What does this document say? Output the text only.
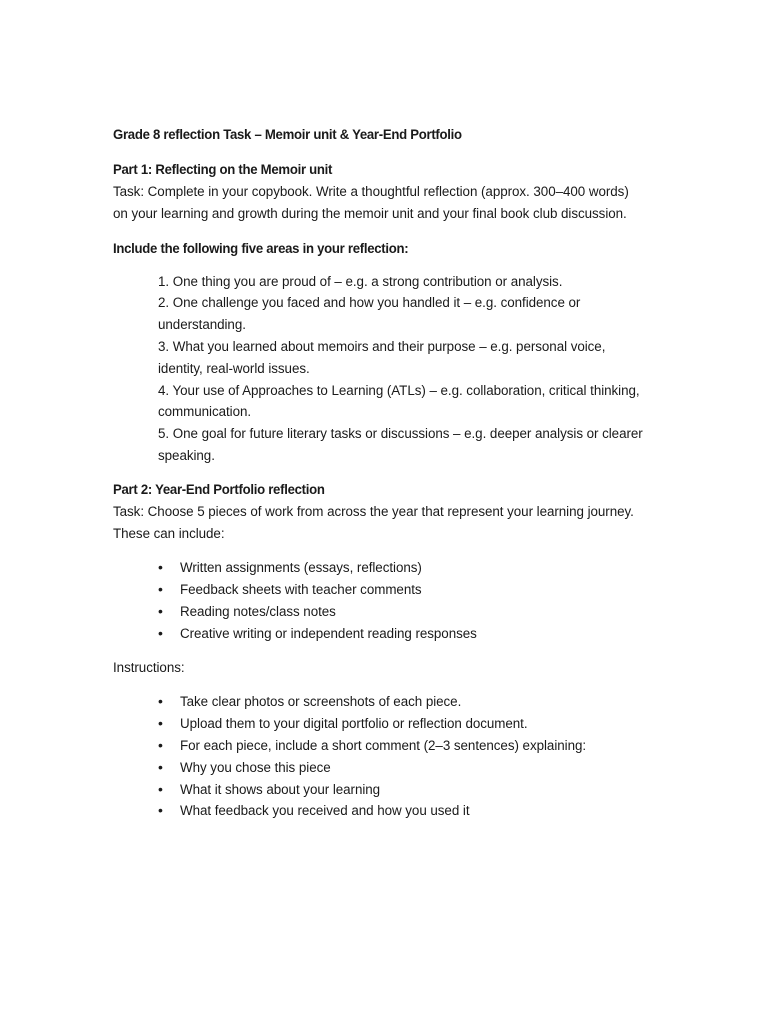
Grade 8 reflection Task – Memoir unit & Year-End Portfolio
Part 1: Reflecting on the Memoir unit

Task: Complete in your copybook. Write a thoughtful reflection (approx. 300–400 words) on your learning and growth during the memoir unit and your final book club discussion.

Include the following five areas in your reflection:
1. One thing you are proud of – e.g. a strong contribution or analysis.
2. One challenge you faced and how you handled it – e.g. confidence or understanding.
3. What you learned about memoirs and their purpose – e.g. personal voice, identity, real-world issues.
4. Your use of Approaches to Learning (ATLs) – e.g. collaboration, critical thinking, communication.
5. One goal for future literary tasks or discussions – e.g. deeper analysis or clearer speaking.
Part 2: Year-End Portfolio reflection

Task: Choose 5 pieces of work from across the year that represent your learning journey. These can include:

• Written assignments (essays, reflections)
• Feedback sheets with teacher comments
• Reading notes/class notes
• Creative writing or independent reading responses

Instructions:

• Take clear photos or screenshots of each piece.
• Upload them to your digital portfolio or reflection document.
• For each piece, include a short comment (2–3 sentences) explaining:
• Why you chose this piece
• What it shows about your learning
• What feedback you received and how you used it
